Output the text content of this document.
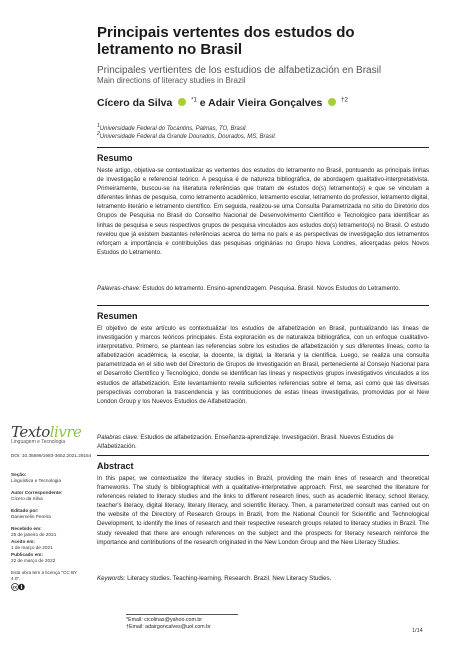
Principais vertentes dos estudos do letramento no Brasil
Principales vertientes de los estudios de alfabetización en Brasil
Main directions of literacy studies in Brazil
Cícero da Silva	$^{*1}$ e Adair Vieira Gonçalves	$^{\dagger 2}$
$^1$Universidade Federal do Tocantins, Palmas, TO, Brasil.
$^2$Universidade Federal da Grande Dourados, Dourados, MS, Brasil.
Resumo
Neste artigo, objetiva-se contextualizar as vertentes dos estudos do letramento no Brasil, pontuando as principais linhas de investigação e referencial teórico. A pesquisa é de natureza bibliográfica, de abordagem qualitativo-interpretativista. Primeiramente, buscou-se na literatura referências que tratam de estudos do(s) letramento(s) e que se vinculam a diferentes linhas de pesquisa, como letramento acadêmico, letramento escolar, letramento do professor, letramento digital, letramento literário e letramento científico. Em seguida, realizou-se uma Consulta Parametrizada no sítio do Diretório dos Grupos de Pesquisa no Brasil do Conselho Nacional de Desenvolvimento Científico e Tecnológico para identificar as linhas de pesquisa e seus respectivos grupos de pesquisa vinculados aos estudos do(s) letramento(s) no Brasil. O estudo revelou que já existem bastantes referências acerca do tema no país e as perspectivas de investigação dos letramentos reforçam a importância e contribuições das pesquisas originárias no Grupo Nova Londres, alicerçadas pelos Novos Estudos do Letramento.
Palavras-chave: Estudos do letramento. Ensino-aprendizagem. Pesquisa. Brasil. Novos Estudos do Letramento.
Resumen
El objetivo de este artículo es contextualizar los estudios de alfabetización en Brasil, puntualizando las líneas de investigación y marcos teóricos principales. Esta exploración es de naturaleza bibliográfica, con un enfoque cualitativo-interpretativo. Primero, se plantean las referencias sobre los estudios de alfabetización y sus diferentes líneas, como la alfabetización académica, la escolar, la docente, la digital, la literaria y la científica. Luego, se realiza una consulta parametrizada en el sitio web del Directorio de Grupos de Investigación en Brasil, perteneciente al Consejo Nacional para el Desarrollo Científico y Tecnológico, donde se identifican las líneas y respectivos grupos investigativos vinculados a los estudios de alfabetización. Este levantamiento revela suficientes referencias sobre el tema, así como que las diversas perspectivas corroboran la trascendencia y las contribuciones de estas líneas investigativas, promovidas por el New London Group y los Nuevos Estudios de Alfabetización.
Palabras clave: Estudios de alfabetización. Enseñanza-aprendizaje. Investigación. Brasil. Nuevos Estudios de Alfabetización.
Abstract
In this paper, we contextualize the literacy studies in Brazil, providing the main lines of research and theoretical frameworks. The study is bibliographical with a qualitative-interpretative approach. First, we searched the literature for references related to literacy studies and the links to different research lines, such as academic literacy, school literacy, teacher's literacy, digital literacy, literary literacy, and scientific literacy. Then, a parameterized consult was carried out on the website of the Directory of Research Groups in Brazil, from the National Council for Scientific and Technological Development, to identify the lines of research and their respective research groups related to literacy studies in Brazil. The study revealed that there are enough references on the subject and the prospects for literacy research reinforce the importance and contributions of the research originated in the New London Group and the New Literacy Studies.
Keywords: Literacy studies. Teaching-learning. Research. Brazil. New Literacy Studies.
Textolivre
Linguagem e Tecnologia
DOI: 10.35699/1983-3652.2021.29164
Seção:
Linguística e Tecnologia
Autor Correspondente:
Cícero da Silva
Editado por:
Daniervelin Pereira
Recebido em:
25 de janeiro de 2021
Aceito em:
1 de março de 2021
Publicado em:
22 de março de 2022
Esta obra tem a licença "CC BY 4.0".
cc
*Email: cicolinas@yahoo.com.br
†Email: adairgoncalves@uol.com.br
1/14
